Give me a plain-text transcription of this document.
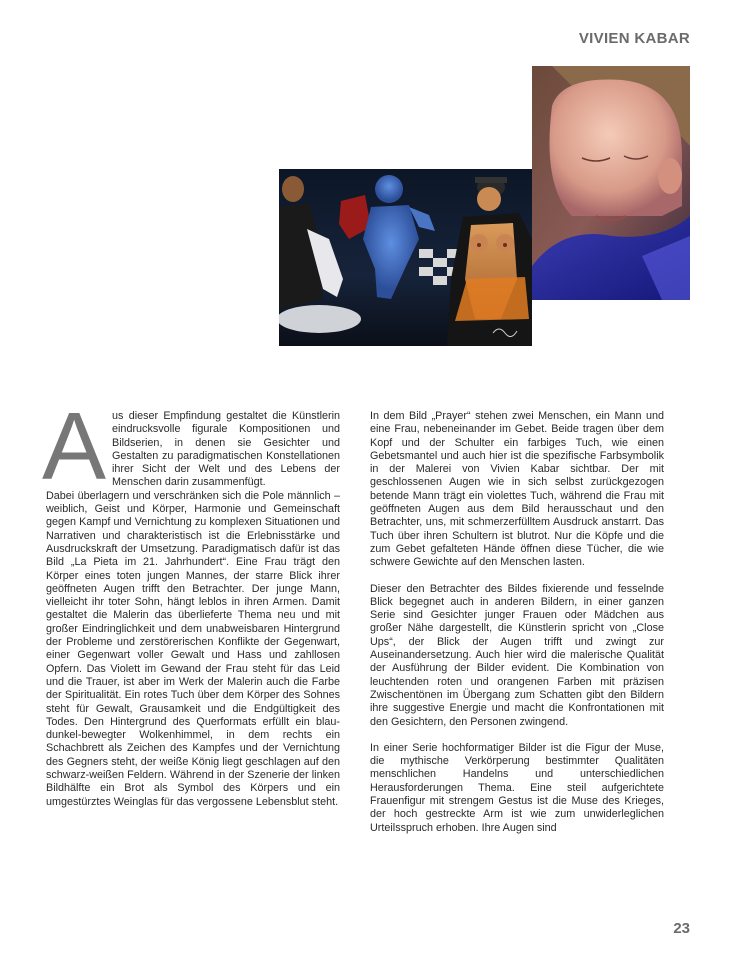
VIVIEN KABAR

Aus dieser Empfindung gestaltet die Künstlerin eindrucksvolle figurale Kompositionen und Bildserien, in denen sie Gesichter und Gestalten zu paradigmatischen Konstellationen ihrer Sicht der Welt und des Lebens der Menschen darin zusammenfügt.

Dabei überlagern und verschränken sich die Pole männlich – weiblich, Geist und Körper, Harmonie und Gemeinschaft gegen Kampf und Vernichtung zu komplexen Situationen und Narrativen und charakteristisch ist die Erlebnisstärke und Ausdruckskraft der Umsetzung. Paradigmatisch dafür ist das Bild „La Pieta im 21. Jahrhundert“. Eine Frau trägt den Körper eines toten jungen Mannes, der starre Blick ihrer geöffneten Augen trifft den Betrachter. Der junge Mann, vielleicht ihr toter Sohn, hängt leblos in ihren Armen. Damit gestaltet die Malerin das überlieferte Thema neu und mit großer Eindringlichkeit und dem unabweisbaren Hintergrund der Probleme und zerstörerischen Konflikte der Gegenwart, einer Gegenwart voller Gewalt und Hass und zahllosen Opfern. Das Violett im Gewand der Frau steht für das Leid und die Trauer, ist aber im Werk der Malerin auch die Farbe der Spiritualität. Ein rotes Tuch über dem Körper des Sohnes steht für Gewalt, Grausamkeit und die Endgültigkeit des Todes. Den Hintergrund des Querformats erfüllt ein blau-dunkel-bewegter Wolkenhimmel, in dem rechts ein Schachbrett als Zeichen des Kampfes und der Vernichtung des Gegners steht, der weiße König liegt geschlagen auf den schwarz-weißen Feldern. Während in der Szenerie der linken Bildhälfte ein Brot als Symbol des Körpers und ein umgestürztes Weinglas für das vergossene Lebensblut steht.

In dem Bild „Prayer“ stehen zwei Menschen, ein Mann und eine Frau, nebeneinander im Gebet. Beide tragen über dem Kopf und der Schulter ein farbiges Tuch, wie einen Gebetsmantel und auch hier ist die spezifische Farbsymbolik in der Malerei von Vivien Kabar sichtbar. Der mit geschlossenen Augen wie in sich selbst zurückgezogen betende Mann trägt ein violettes Tuch, während die Frau mit geöffneten Augen aus dem Bild herausschaut und den Betrachter, uns, mit schmerzerfülltem Ausdruck anstarrt. Das Tuch über ihren Schultern ist blutrot. Nur die Köpfe und die zum Gebet gefalteten Hände öffnen diese Tücher, die wie schwere Gewichte auf den Menschen lasten.

Dieser den Betrachter des Bildes fixierende und fesselnde Blick begegnet auch in anderen Bildern, in einer ganzen Serie sind Gesichter junger Frauen oder Mädchen aus großer Nähe dargestellt, die Künstlerin spricht von „Close Ups“, der Blick der Augen trifft und zwingt zur Auseinandersetzung. Auch hier wird die malerische Qualität der Ausführung der Bilder evident. Die Kombination von leuchtenden roten und orangenen Farben mit präzisen Zwischentönen im Übergang zum Schatten gibt den Bildern ihre suggestive Energie und macht die Konfrontationen mit den Gesichtern, den Personen zwingend.

In einer Serie hochformatiger Bilder ist die Figur der Muse, die mythische Verkörperung bestimmter Qualitäten menschlichen Handelns und unterschiedlichen Herausforderungen Thema. Eine steil aufgerichtete Frauenfigur mit strengem Gestus ist die Muse des Krieges, der hoch gestreckte Arm ist wie zum unwiderleglichen Urteilsspruch erhoben. Ihre Augen sind

23
